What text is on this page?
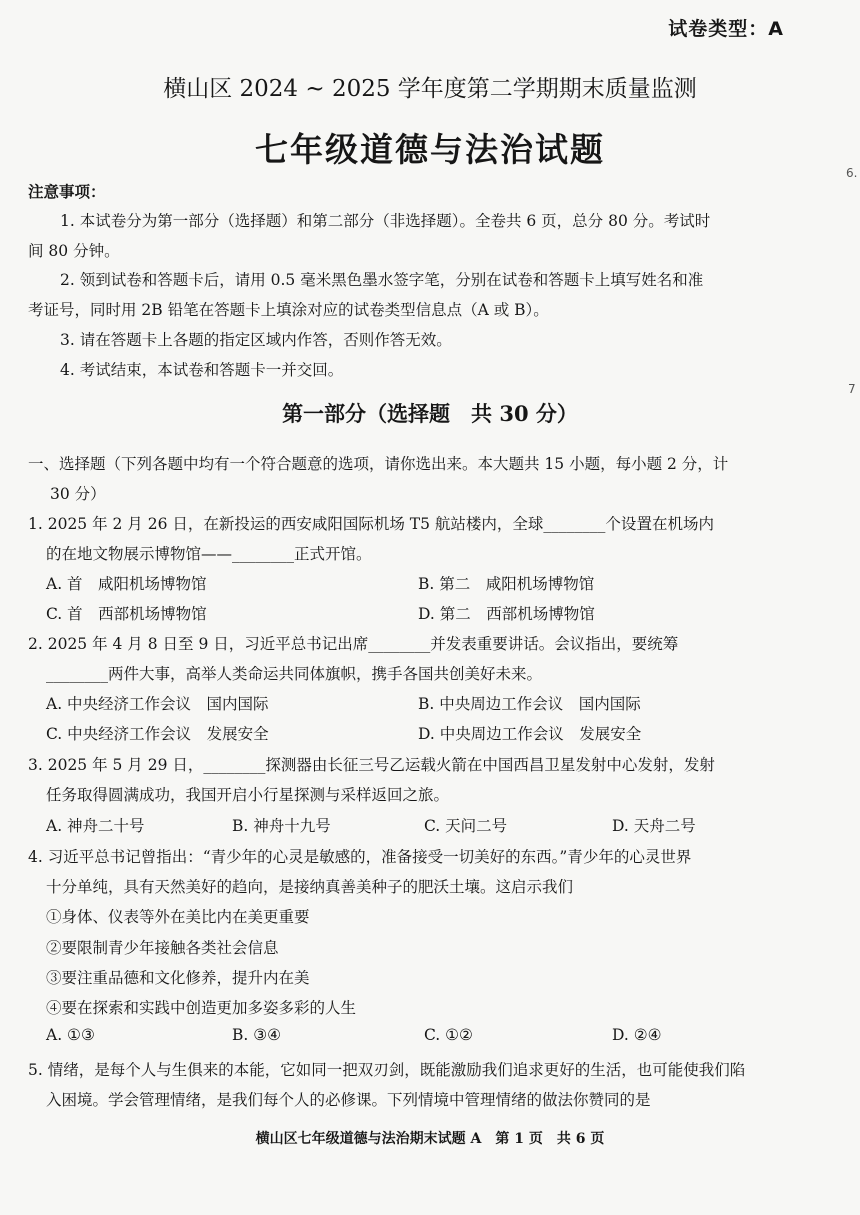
试卷类型：A
6.
7
横山区 2024 ~ 2025 学年度第二学期期末质量监测
七年级道德与法治试题
注意事项：
1. 本试卷分为第一部分（选择题）和第二部分（非选择题）。全卷共 6 页，总分 80 分。考试时
间 80 分钟。
2. 领到试卷和答题卡后，请用 0.5 毫米黑色墨水签字笔，分别在试卷和答题卡上填写姓名和准
考证号，同时用 2B 铅笔在答题卡上填涂对应的试卷类型信息点（A 或 B）。
3. 请在答题卡上各题的指定区域内作答，否则作答无效。
4. 考试结束，本试卷和答题卡一并交回。
第一部分（选择题　共 30 分）
一、选择题（下列各题中均有一个符合题意的选项，请你选出来。本大题共 15 小题，每小题 2 分，计
30 分）
1. 2025 年 2 月 26 日，在新投运的西安咸阳国际机场 T5 航站楼内，全球________个设置在机场内
的在地文物展示博物馆——________正式开馆。
A. 首　咸阳机场博物馆	B. 第二　咸阳机场博物馆
C. 首　西部机场博物馆	D. 第二　西部机场博物馆
2. 2025 年 4 月 8 日至 9 日，习近平总书记出席________并发表重要讲话。会议指出，要统筹
________两件大事，高举人类命运共同体旗帜，携手各国共创美好未来。
A. 中央经济工作会议　国内国际	B. 中央周边工作会议　国内国际
C. 中央经济工作会议　发展安全	D. 中央周边工作会议　发展安全
3. 2025 年 5 月 29 日，________探测器由长征三号乙运载火箭在中国西昌卫星发射中心发射，发射
任务取得圆满成功，我国开启小行星探测与采样返回之旅。
A. 神舟二十号	B. 神舟十九号	C. 天问二号	D. 天舟二号
4. 习近平总书记曾指出：“青少年的心灵是敏感的，准备接受一切美好的东西。”青少年的心灵世界
十分单纯，具有天然美好的趋向，是接纳真善美种子的肥沃土壤。这启示我们
①身体、仪表等外在美比内在美更重要
②要限制青少年接触各类社会信息
③要注重品德和文化修养，提升内在美
④要在探索和实践中创造更加多姿多彩的人生
A. ①③	B. ③④	C. ①②	D. ②④
5. 情绪，是每个人与生俱来的本能，它如同一把双刃剑，既能激励我们追求更好的生活，也可能使我们陷
入困境。学会管理情绪，是我们每个人的必修课。下列情境中管理情绪的做法你赞同的是
横山区七年级道德与法治期末试题 A　第 1 页　共 6 页
